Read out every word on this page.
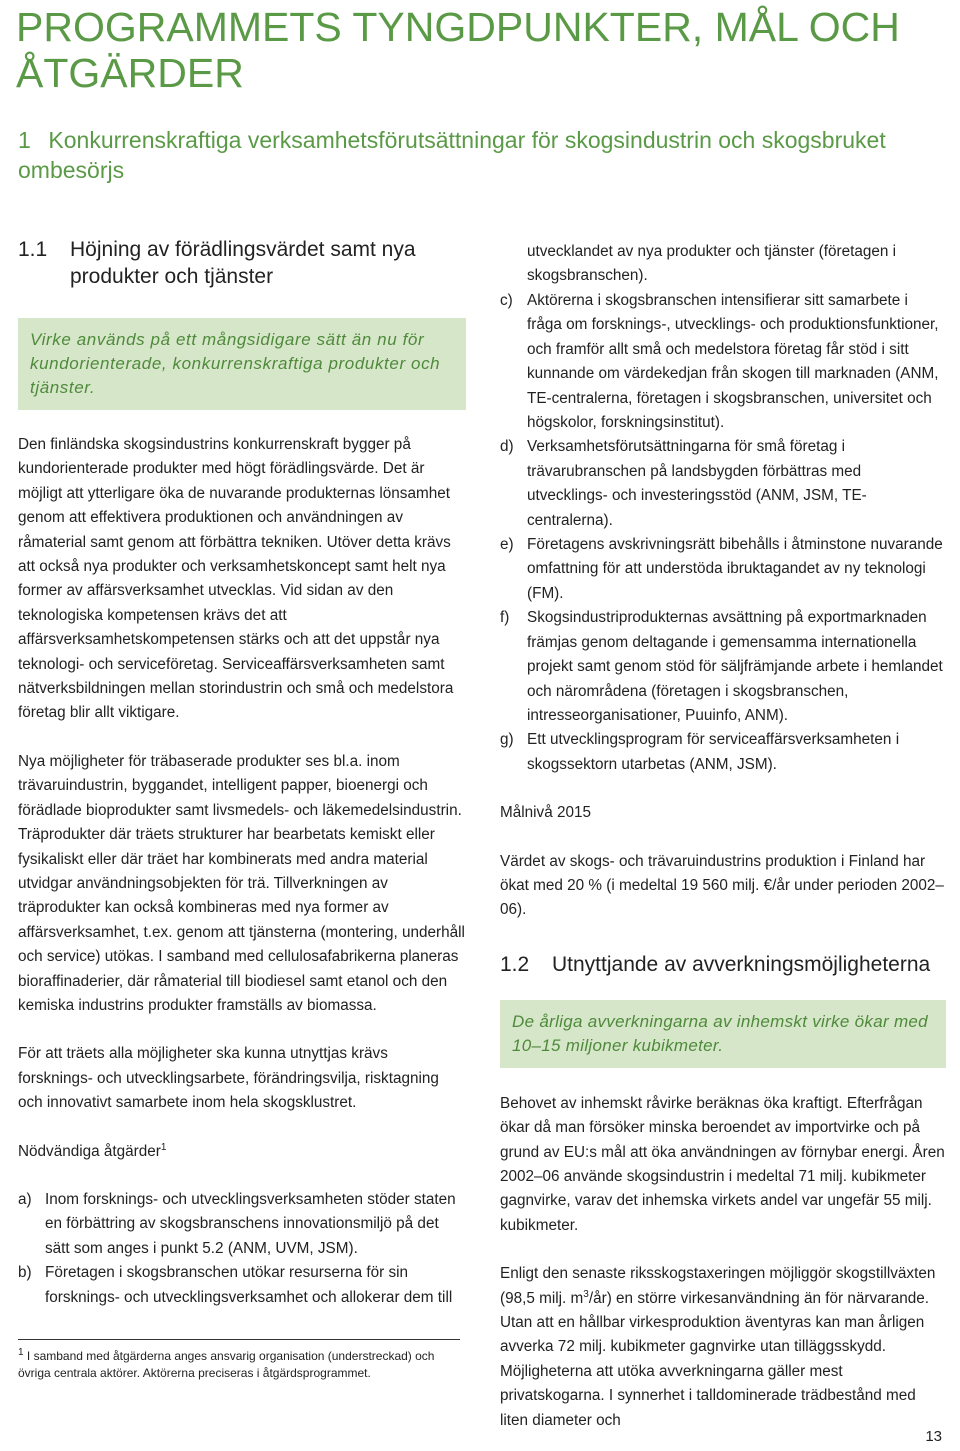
PROGRAMMETS TYNGDPUNKTER, MÅL OCH ÅTGÄRDER
1 Konkurrenskraftiga verksamhetsförutsättningar för skogsindustrin och skogsbruket ombesörjs
1.1	Höjning av förädlingsvärdet samt nya produkter och tjänster
Virke används på ett mångsidigare sätt än nu för kundorienterade, konkurrenskraftiga produkter och tjänster.

Den finländska skogsindustrins konkurrenskraft bygger på kundorienterade produkter med högt förädlingsvärde. Det är möjligt att ytterligare öka de nuvarande produkternas lönsamhet genom att effektivera produktionen och användningen av råmaterial samt genom att förbättra tekniken. Utöver detta krävs att också nya produkter och verksamhetskoncept samt helt nya former av affärsverksamhet utvecklas. Vid sidan av den teknologiska kompetensen krävs det att affärsverksamhetskompetensen stärks och att det uppstår nya teknologi- och serviceföretag. Serviceaffärsverksamheten samt nätverksbildningen mellan storindustrin och små och medelstora företag blir allt viktigare.

Nya möjligheter för träbaserade produkter ses bl.a. inom trävaruindustrin, byggandet, intelligent papper, bioenergi och förädlade bioprodukter samt livsmedels- och läkemedelsindustrin. Träprodukter där träets strukturer har bearbetats kemiskt eller fysikaliskt eller där träet har kombinerats med andra material utvidgar användningsobjekten för trä. Tillverkningen av träprodukter kan också kombineras med nya former av affärsverksamhet, t.ex. genom att tjänsterna (montering, underhåll och service) utökas. I samband med cellulosafabrikerna planeras bioraffinaderier, där råmaterial till biodiesel samt etanol och den kemiska industrins produkter framställs av biomassa.

För att träets alla möjligheter ska kunna utnyttjas krävs forsknings- och utvecklingsarbete, förändringsvilja, risktagning och innovativt samarbete inom hela skogsklustret.

Nödvändiga åtgärder$^1$

a) Inom forsknings- och utvecklingsverksamheten stöder staten en förbättring av skogsbranschens innovationsmiljö på det sätt som anges i punkt 5.2 (ANM, UVM, JSM).
b) Företagen i skogsbranschen utökar resurserna för sin forsknings- och utvecklingsverksamhet och allokerar dem till
$^1$ I samband med åtgärderna anges ansvarig organisation (understreckad) och övriga centrala aktörer. Aktörerna preciseras i åtgärdsprogrammet.
utvecklandet av nya produkter och tjänster (företagen i skogsbranschen).
c) Aktörerna i skogsbranschen intensifierar sitt samarbete i fråga om forsknings-, utvecklings- och produktionsfunktioner, och framför allt små och medelstora företag får stöd i sitt kunnande om värdekedjan från skogen till marknaden (ANM, TE-centralerna, företagen i skogsbranschen, universitet och högskolor, forskningsinstitut).
d) Verksamhetsförutsättningarna för små företag i trävarubranschen på landsbygden förbättras med utvecklings- och investeringsstöd (ANM, JSM, TE-centralerna).
e) Företagens avskrivningsrätt bibehålls i åtminstone nuvarande omfattning för att understöda ibruktagandet av ny teknologi (FM).
f)	Skogsindustriprodukternas avsättning på exportmarknaden främjas genom deltagande i gemensamma internationella projekt samt genom stöd för säljfrämjande arbete i hemlandet och närområdena (företagen i skogsbranschen, intresseorganisationer, Puuinfo, ANM).
g) Ett utvecklingsprogram för serviceaffärsverksamheten i skogssektorn utarbetas (ANM, JSM).

Målnivå 2015

Värdet av skogs- och trävaruindustrins produktion i Finland har ökat med 20 % (i medeltal 19 560 milj. €/år under perioden 2002–06).

1.2	Utnyttjande av avverkningsmöjligheterna
De årliga avverkningarna av inhemskt virke ökar med 10–15 miljoner kubikmeter.

Behovet av inhemskt råvirke beräknas öka kraftigt. Efterfrågan ökar då man försöker minska beroendet av importvirke och på grund av EU:s mål att öka användningen av förnybar energi. Åren 2002–06 använde skogsindustrin i medeltal 71 milj. kubikmeter gagnvirke, varav det inhemska virkets andel var ungefär 55 milj. kubikmeter.

Enligt den senaste riksskogstaxeringen möjliggör skogstillväxten (98,5 milj. $m^3/år$) en större virkesanvändning än för närvarande. Utan att en hållbar virkesproduktion äventyras kan man årligen avverka 72 milj. kubikmeter gagnvirke utan tilläggsskydd. Möjligheterna att utöka avverkningarna gäller mest privatskogarna. I synnerhet i talldominerade trädbestånd med liten diameter och

13
